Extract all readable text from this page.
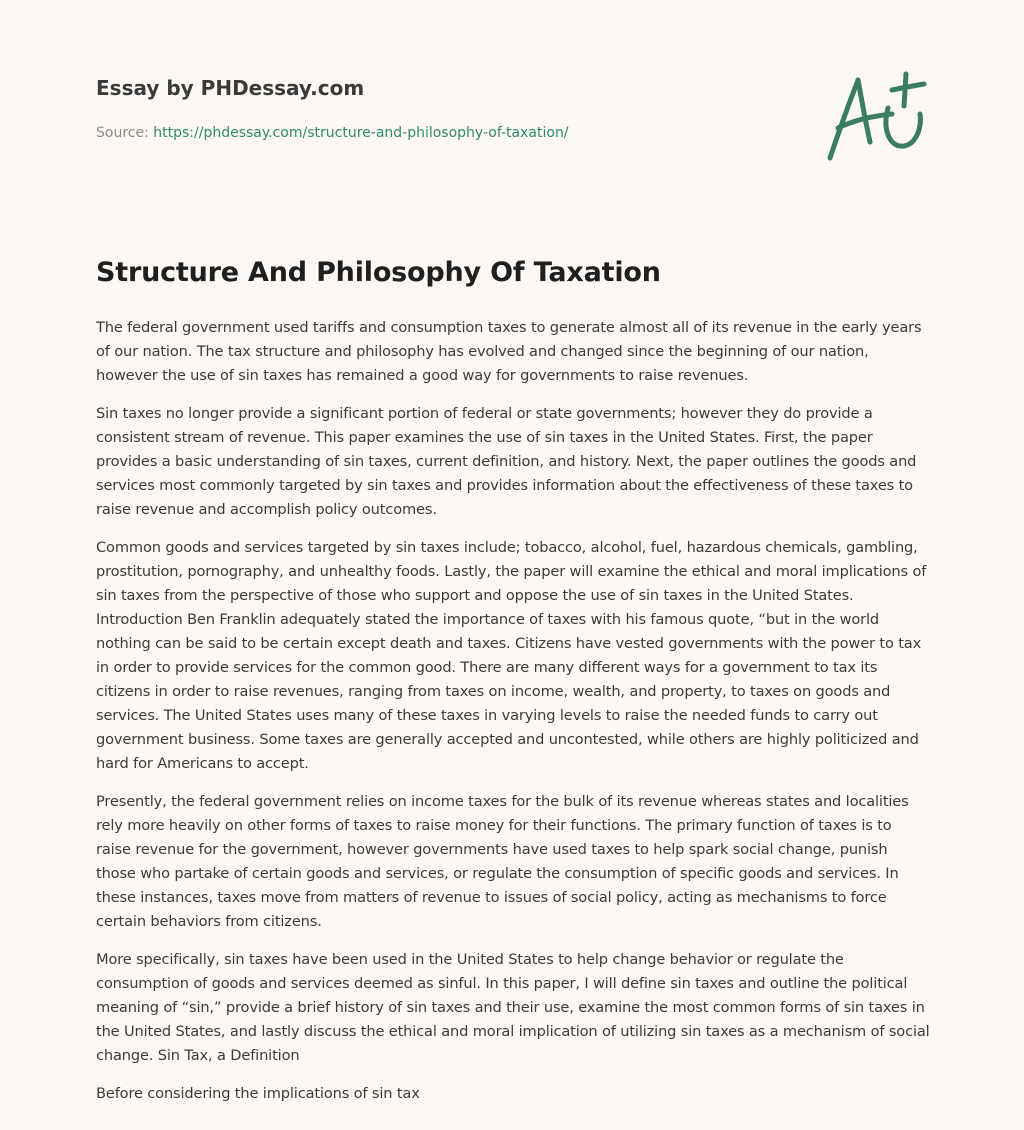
Essay by PHDessay.com
Source: https://phdessay.com/structure-and-philosophy-of-taxation/
Structure And Philosophy Of Taxation

The federal government used tariffs and consumption taxes to generate almost all of its revenue in the early years of our nation. The tax structure and philosophy has evolved and changed since the beginning of our nation, however the use of sin taxes has remained a good way for governments to raise revenues.

Sin taxes no longer provide a significant portion of federal or state governments; however they do provide a consistent stream of revenue. This paper examines the use of sin taxes in the United States. First, the paper provides a basic understanding of sin taxes, current definition, and history. Next, the paper outlines the goods and services most commonly targeted by sin taxes and provides information about the effectiveness of these taxes to raise revenue and accomplish policy outcomes.

Common goods and services targeted by sin taxes include; tobacco, alcohol, fuel, hazardous chemicals, gambling, prostitution, pornography, and unhealthy foods. Lastly, the paper will examine the ethical and moral implications of sin taxes from the perspective of those who support and oppose the use of sin taxes in the United States. Introduction Ben Franklin adequately stated the importance of taxes with his famous quote, “but in the world nothing can be said to be certain except death and taxes. Citizens have vested governments with the power to tax in order to provide services for the common good. There are many different ways for a government to tax its citizens in order to raise revenues, ranging from taxes on income, wealth, and property, to taxes on goods and services. The United States uses many of these taxes in varying levels to raise the needed funds to carry out government business. Some taxes are generally accepted and uncontested, while others are highly politicized and hard for Americans to accept.

Presently, the federal government relies on income taxes for the bulk of its revenue whereas states and localities rely more heavily on other forms of taxes to raise money for their functions. The primary function of taxes is to raise revenue for the government, however governments have used taxes to help spark social change, punish those who partake of certain goods and services, or regulate the consumption of specific goods and services. In these instances, taxes move from matters of revenue to issues of social policy, acting as mechanisms to force certain behaviors from citizens.

More specifically, sin taxes have been used in the United States to help change behavior or regulate the consumption of goods and services deemed as sinful. In this paper, I will define sin taxes and outline the political meaning of “sin,” provide a brief history of sin taxes and their use, examine the most common forms of sin taxes in the United States, and lastly discuss the ethical and moral implication of utilizing sin taxes as a mechanism of social change. Sin Tax, a Definition

Before considering the implications of sin tax
